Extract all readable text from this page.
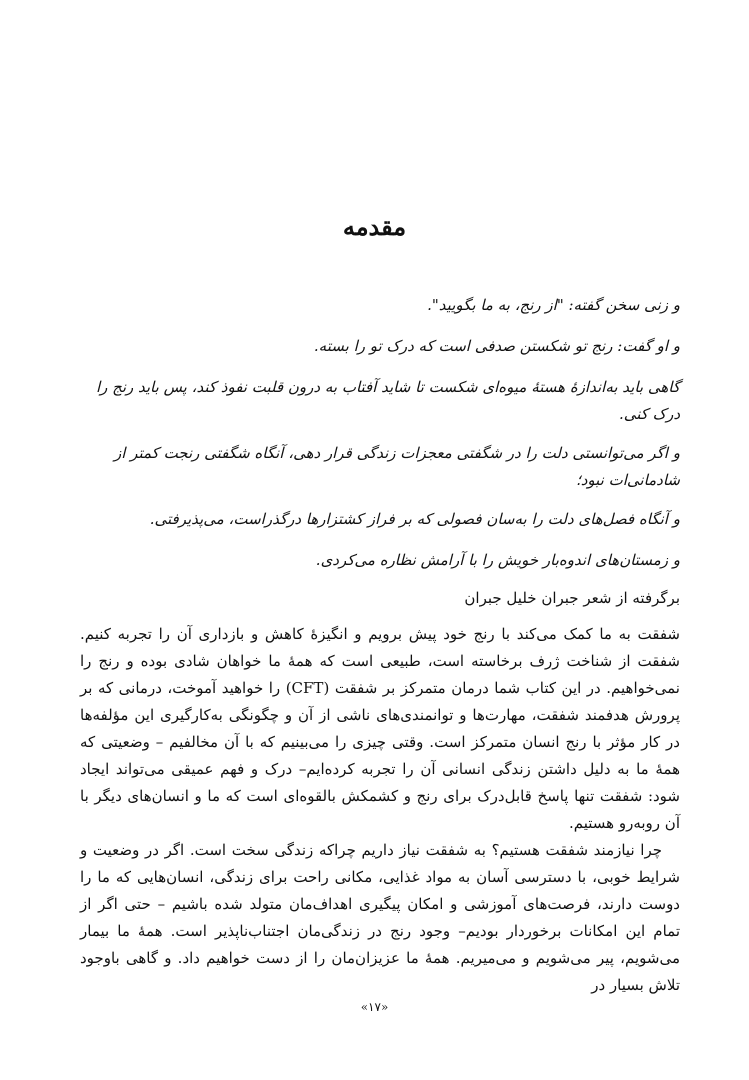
مقدمه
و زنی سخن گفته: "از رنج، به ما بگویید".
و او گفت: رنج تو شکستن صدفی است که درک تو را بسته.
گاهی باید به‌اندازهٔ هستهٔ میوه‌ای شکست تا شاید آفتاب به درون قلبت نفوذ کند، پس باید رنج را درک کنی.
و اگر می‌توانستی دلت را در شگفتی معجزات زندگی قرار دهی، آنگاه شگفتی رنجت کمتر از شادمانی‌ات نبود؛
و آنگاه فصل‌های دلت را به‌سان فصولی که بر فراز کشتزارها درگذراست، می‌پذیرفتی.
و زمستان‌های اندوه‌بار خویش را با آرامش نظاره می‌کردی.
برگرفته از شعر جبران خلیل جبران

شفقت به ما کمک می‌کند با رنج خود پیش برویم و انگیزهٔ کاهش و بازداری آن را تجربه کنیم. شفقت از شناخت ژرف برخاسته است، طبیعی است که همهٔ ما خواهان شادی بوده و رنج را نمی‌خواهیم. در این کتاب شما درمان متمرکز بر شفقت (CFT) را خواهید آموخت، درمانی که بر پرورش هدفمند شفقت، مهارت‌ها و توانمندی‌های ناشی از آن و چگونگی به‌کارگیری این مؤلفه‌ها در کار مؤثر با رنج انسان متمرکز است. وقتی چیزی را می‌بینیم که با آن مخالفیم – وضعیتی که همهٔ ما به دلیل داشتن زندگی انسانی آن را تجربه کرده‌ایم– درک و فهم عمیقی می‌تواند ایجاد شود: شفقت تنها پاسخ قابل‌درک برای رنج و کشمکش بالقوه‌ای است که ما و انسان‌های دیگر با آن روبه‌رو هستیم.

چرا نیازمند شفقت هستیم؟ به شفقت نیاز داریم چراکه زندگی سخت است. اگر در وضعیت و شرایط خوبی، با دسترسی آسان به مواد غذایی، مکانی راحت برای زندگی، انسان‌هایی که ما را دوست دارند، فرصت‌های آموزشی و امکان پیگیری اهداف‌مان متولد شده باشیم – حتی اگر از تمام این امکانات برخوردار بودیم– وجود رنج در زندگی‌مان اجتناب‌ناپذیر است. همهٔ ما بیمار می‌شویم، پیر می‌شویم و می‌میریم. همهٔ ما عزیزان‌مان را از دست خواهیم داد. و گاهی باوجود تلاش بسیار در

«۱۷»
